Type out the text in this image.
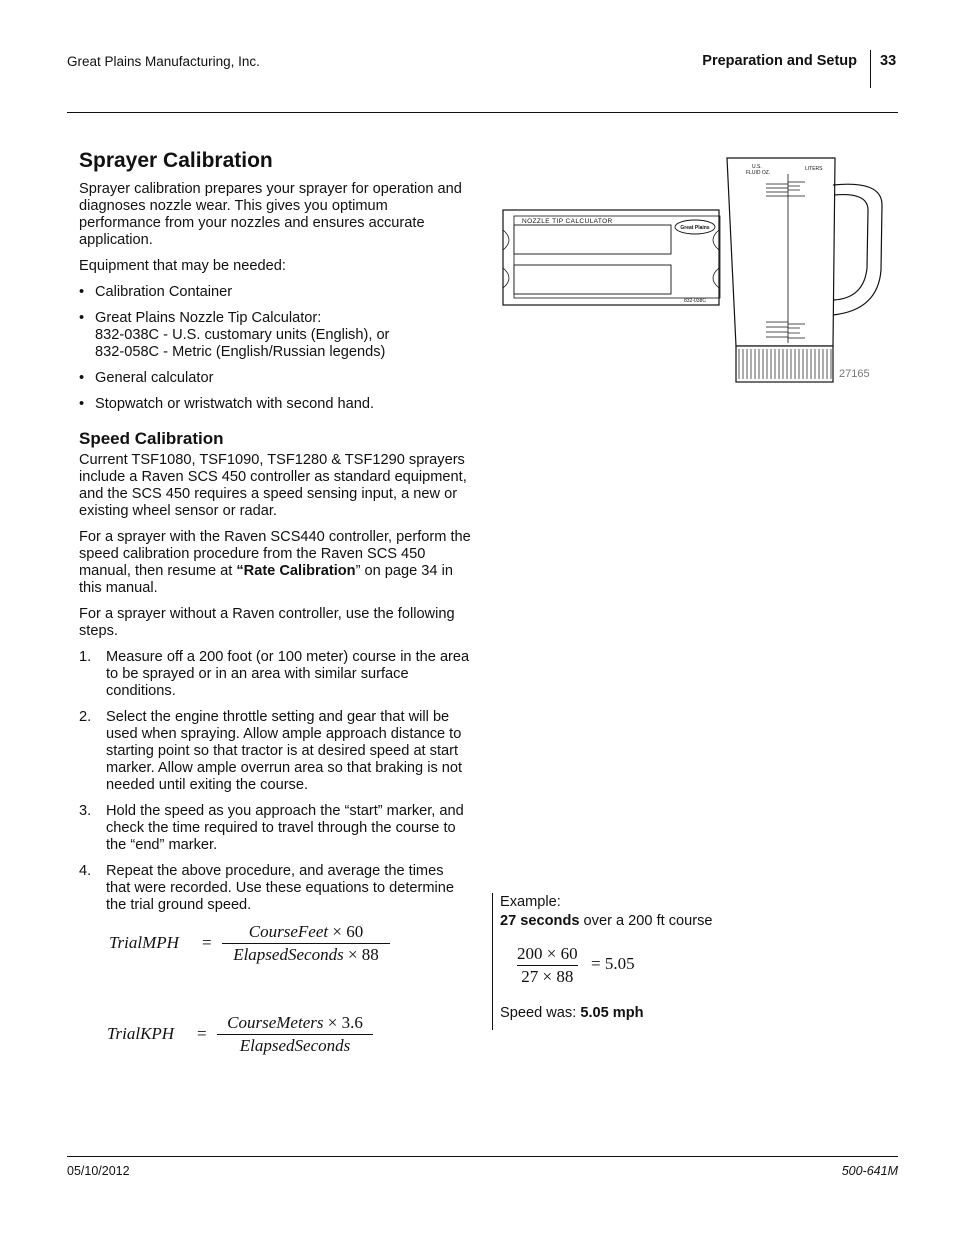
Great Plains Manufacturing, Inc.	Preparation and Setup 33
Sprayer Calibration

Sprayer calibration prepares your sprayer for operation and diagnoses nozzle wear. This gives you optimum performance from your nozzles and ensures accurate application.

Equipment that may be needed:

• Calibration Container
• Great Plains Nozzle Tip Calculator:
832-038C - U.S. customary units (English), or
832-058C - Metric (English/Russian legends)
• General calculator
• Stopwatch or wristwatch with second hand.
Speed Calibration

Current TSF1080, TSF1090, TSF1280 & TSF1290 sprayers include a Raven SCS 450 controller as standard equipment, and the SCS 450 requires a speed sensing input, a new or existing wheel sensor or radar.

For a sprayer with the Raven SCS440 controller, perform the speed calibration procedure from the Raven SCS 450 manual, then resume at “Rate Calibration” on page 34 in this manual.

For a sprayer without a Raven controller, use the following steps.

1. Measure off a 200 foot (or 100 meter) course in the area to be sprayed or in an area with similar surface conditions.
2. Select the engine throttle setting and gear that will be used when spraying. Allow ample approach distance to starting point so that tractor is at desired speed at start marker. Allow ample overrun area so that braking is not needed until exiting the course.
3. Hold the speed as you approach the “start” marker, and check the time required to travel through the course to the “end” marker.
4. Repeat the above procedure, and average the times that were recorded. Use these equations to determine the trial ground speed.
TrialMPH =
CourseFeet × 60
ElapsedSeconds × 88
TrialKPH =
CourseMeters × 3.6
ElapsedSeconds
Example:
27 seconds over a 200 ft course
200 × 60
27 × 88
= 5.05
Speed was: 5.05 mph
NOZZLE TIP CALCULATOR
Great Plains
832-038C
U.S.
FLUID OZ.
LITERS
27165
05/10/2012	500-641M
